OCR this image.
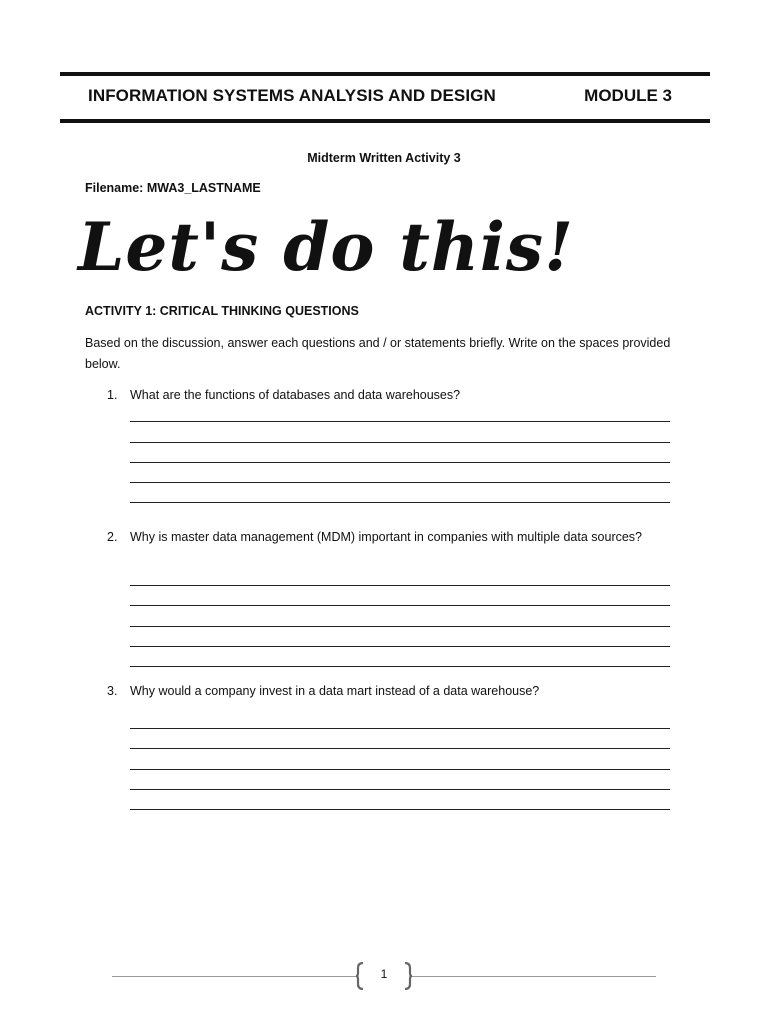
INFORMATION SYSTEMS ANALYSIS AND DESIGN	MODULE 3
Midterm Written Activity 3
Filename: MWA3_LASTNAME
Let's do this!
ACTIVITY 1: CRITICAL THINKING QUESTIONS
Based on the discussion, answer each questions and / or statements briefly. Write on the spaces provided below.
1. What are the functions of databases and data warehouses?
2. Why is master data management (MDM) important in companies with multiple data sources?
3. Why would a company invest in a data mart instead of a data warehouse?
1
